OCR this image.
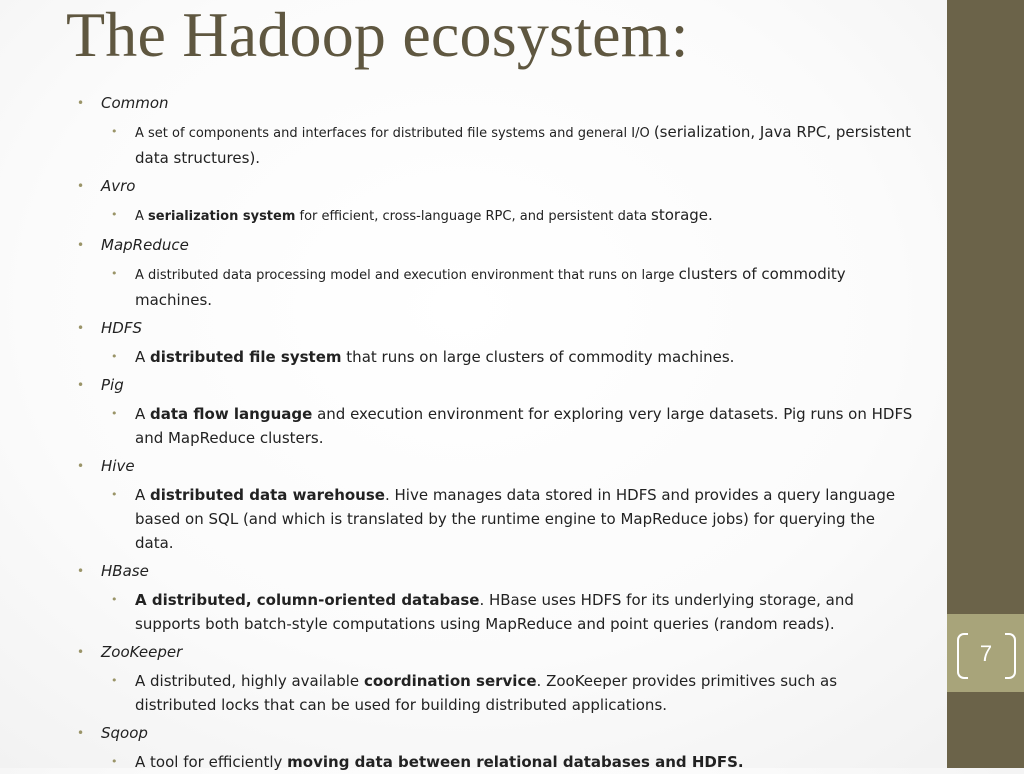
7
The Hadoop ecosystem:
• Common
• A set of components and interfaces for distributed file systems and general I/O (serialization, Java RPC, persistent data structures).
• Avro
• A serialization system for efficient, cross-language RPC, and persistent data storage.
• MapReduce
• A distributed data processing model and execution environment that runs on large clusters of commodity machines.
• HDFS
• A distributed file system that runs on large clusters of commodity machines.
• Pig
• A data flow language and execution environment for exploring very large datasets. Pig runs on HDFS and MapReduce clusters.
• Hive
• A distributed data warehouse. Hive manages data stored in HDFS and provides a query language based on SQL (and which is translated by the runtime engine to MapReduce jobs) for querying the data.
• HBase
• A distributed, column-oriented database. HBase uses HDFS for its underlying storage, and supports both batch-style computations using MapReduce and point queries (random reads).
• ZooKeeper
• A distributed, highly available coordination service. ZooKeeper provides primitives such as distributed locks that can be used for building distributed applications.
• Sqoop
• A tool for efficiently moving data between relational databases and HDFS.
